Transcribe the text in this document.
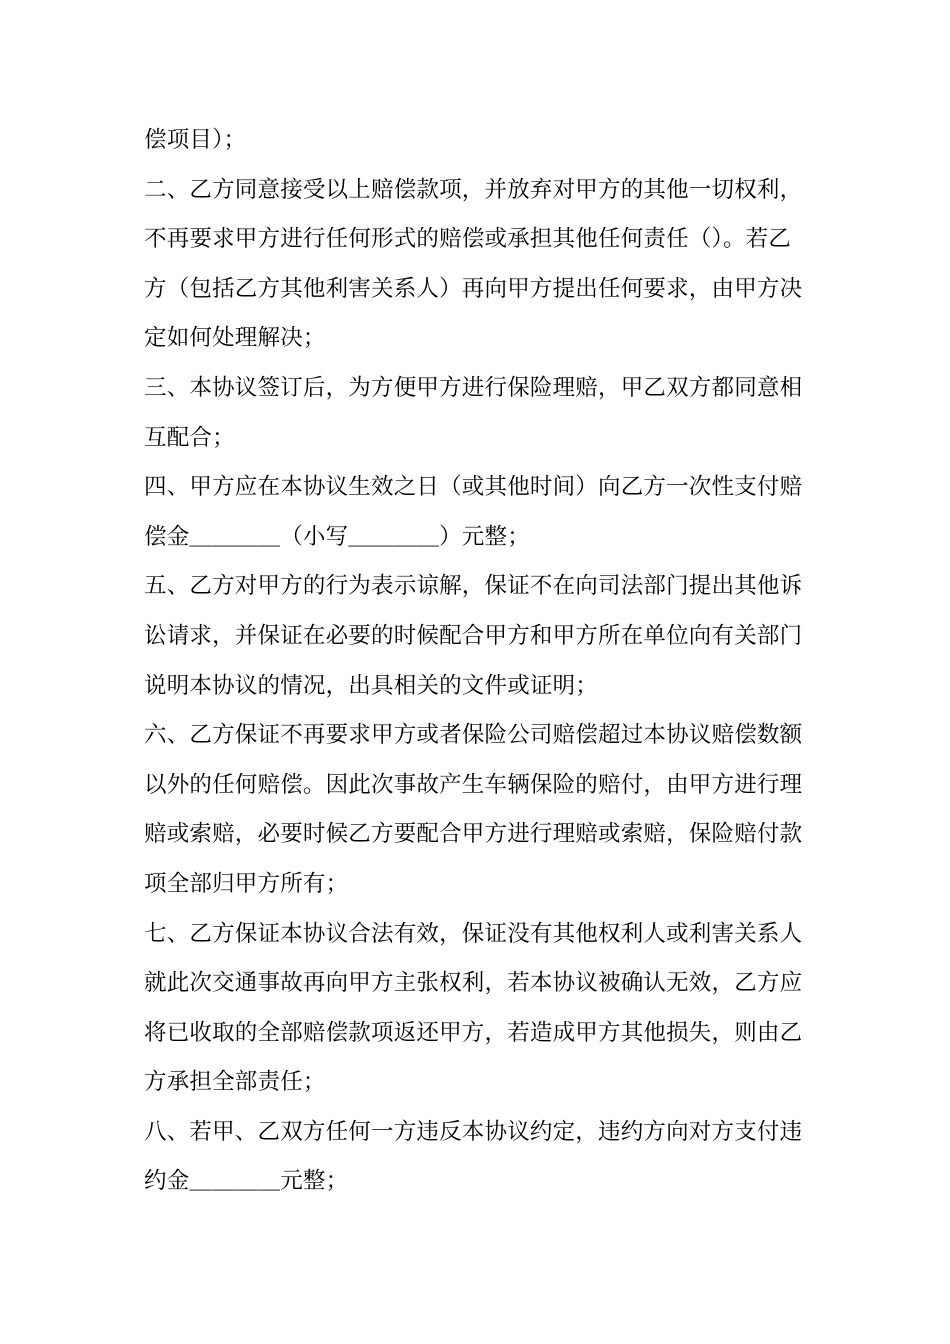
偿项目）；
二、乙方同意接受以上赔偿款项，并放弃对甲方的其他一切权利，
不再要求甲方进行任何形式的赔偿或承担其他任何责任（）。若乙
方（包括乙方其他利害关系人）再向甲方提出任何要求，由甲方决
定如何处理解决；
三、本协议签订后，为方便甲方进行保险理赔，甲乙双方都同意相
互配合；
四、甲方应在本协议生效之日（或其他时间）向乙方一次性支付赔
偿金＿＿＿＿（小写＿＿＿＿）元整；
五、乙方对甲方的行为表示谅解，保证不在向司法部门提出其他诉
讼请求，并保证在必要的时候配合甲方和甲方所在单位向有关部门
说明本协议的情况，出具相关的文件或证明；
六、乙方保证不再要求甲方或者保险公司赔偿超过本协议赔偿数额
以外的任何赔偿。因此次事故产生车辆保险的赔付，由甲方进行理
赔或索赔，必要时候乙方要配合甲方进行理赔或索赔，保险赔付款
项全部归甲方所有；
七、乙方保证本协议合法有效，保证没有其他权利人或利害关系人
就此次交通事故再向甲方主张权利，若本协议被确认无效，乙方应
将已收取的全部赔偿款项返还甲方，若造成甲方其他损失，则由乙
方承担全部责任；
八、若甲、乙双方任何一方违反本协议约定，违约方向对方支付违
约金＿＿＿＿元整；
